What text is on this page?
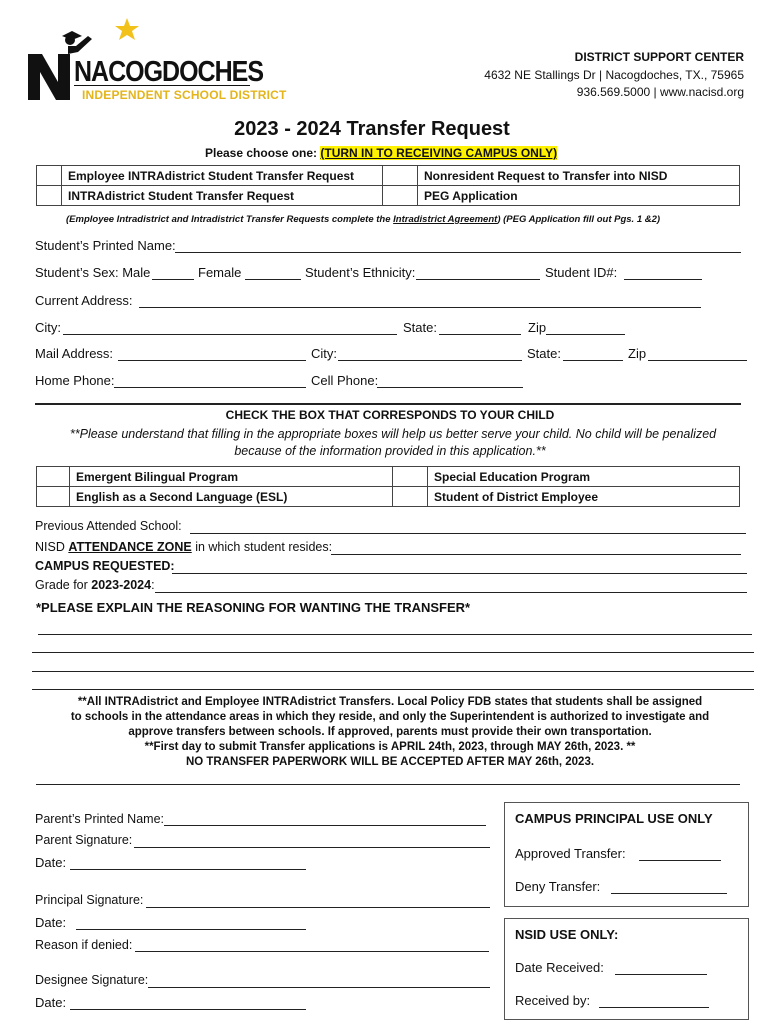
NACOGDOCHES
INDEPENDENT SCHOOL DISTRICT
DISTRICT SUPPORT CENTER
4632 NE Stallings Dr | Nacogdoches, TX., 75965
936.569.5000 | www.nacisd.org
2023 - 2024 Transfer Request
Please choose one: (TURN IN TO RECEIVING CAMPUS ONLY)
	Employee INTRAdistrict Student Transfer Request		Nonresident Request to Transfer into NISD
	INTRAdistrict Student Transfer Request		PEG Application
(Employee Intradistrict and Intradistrict Transfer Requests complete the Intradistrict Agreement) (PEG Application fill out Pgs. 1 &2)
Student’s Printed Name:
Student’s Sex: Male	Female	Student’s Ethnicity:	Student ID#:
Current Address:
City:	State:	Zip
Mail Address:	City:	State:	Zip
Home Phone:	Cell Phone:
CHECK THE BOX THAT CORRESPONDS TO YOUR CHILD
**Please understand that filling in the appropriate boxes will help us better serve your child. No child will be penalized
because of the information provided in this application.**
	Emergent Bilingual Program		Special Education Program
	English as a Second Language (ESL)		Student of District Employee
Previous Attended School:
NISD ATTENDANCE ZONE in which student resides:
CAMPUS REQUESTED:
Grade for 2023-2024:
*PLEASE EXPLAIN THE REASONING FOR WANTING THE TRANSFER*
**All INTRAdistrict and Employee INTRAdistrict Transfers. Local Policy FDB states that students shall be assigned
to schools in the attendance areas in which they reside, and only the Superintendent is authorized to investigate and
approve transfers between schools. If approved, parents must provide their own transportation.
**First day to submit Transfer applications is APRIL 24th, 2023, through MAY 26th, 2023. **
NO TRANSFER PAPERWORK WILL BE ACCEPTED AFTER MAY 26th, 2023.
Parent’s Printed Name:
Parent Signature:
Date:
Principal Signature:
Date:
Reason if denied:
Designee Signature:
Date:
CAMPUS PRINCIPAL USE ONLY
Approved Transfer:
Deny Transfer:
NSID USE ONLY:
Date Received:
Received by:
